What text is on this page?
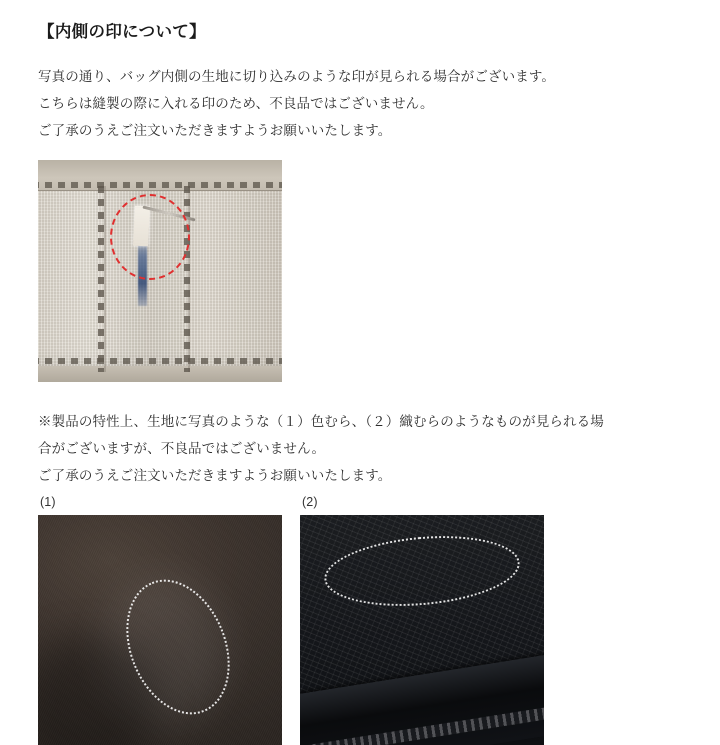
【内側の印について】

写真の通り、バッグ内側の生地に切り込みのような印が見られる場合がございます。

こちらは縫製の際に入れる印のため、不良品ではございません。

ご了承のうえご注文いただきますようお願いいたします。

※製品の特性上、生地に写真のような（１）色むら、（２）織むらのようなものが見られる場

合がございますが、不良品ではございません。

ご了承のうえご注文いただきますようお願いいたします。

(1)	(2)
